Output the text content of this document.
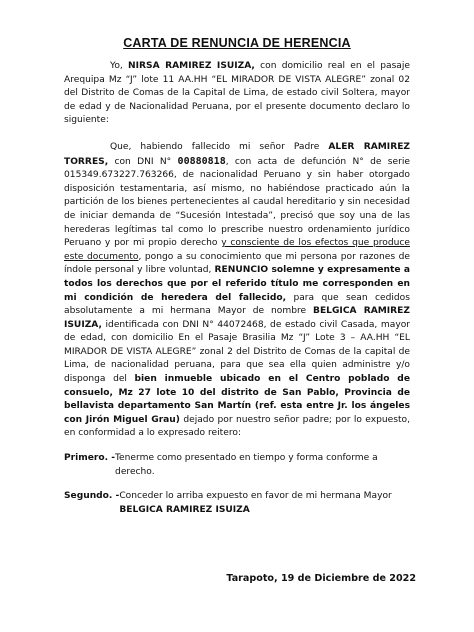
CARTA DE RENUNCIA DE HERENCIA

Yo, NIRSA RAMIREZ ISUIZA, con domicilio real en el pasaje Arequipa Mz “J” lote 11 AA.HH “EL MIRADOR DE VISTA ALEGRE” zonal 02 del Distrito de Comas de la Capital de Lima, de estado civil Soltera, mayor de edad y de Nacionalidad Peruana, por el presente documento declaro lo siguiente:

Que, habiendo fallecido mi señor Padre ALER RAMIREZ TORRES, con DNI N° 00880818, con acta de defunción N° de serie 015349.673227.763266, de nacionalidad Peruano y sin haber otorgado disposición testamentaria, así mismo, no habiéndose practicado aún la partición de los bienes pertenecientes al caudal hereditario y sin necesidad de iniciar demanda de “Sucesión Intestada”, precisó que soy una de las herederas legítimas tal como lo prescribe nuestro ordenamiento jurídico Peruano y por mi propio derecho y consciente de los efectos que produce este documento, pongo a su conocimiento que mi persona por razones de índole personal y libre voluntad, RENUNCIO solemne y expresamente a todos los derechos que por el referido título me corresponden en mi condición de heredera del fallecido, para que sean cedidos absolutamente a mi hermana Mayor de nombre BELGICA RAMIREZ ISUIZA, identificada con DNI N° 44072468, de estado civil Casada, mayor de edad, con domicilio En el Pasaje Brasilia Mz “J” Lote 3 – AA.HH “EL MIRADOR DE VISTA ALEGRE” zonal 2 del Distrito de Comas de la capital de Lima, de nacionalidad peruana, para que sea ella quien administre y/o disponga del bien inmueble ubicado en el Centro poblado de consuelo, Mz 27 lote 10 del distrito de San Pablo, Provincia de bellavista departamento San Martín (ref. esta entre Jr. los ángeles con Jirón Miguel Grau) dejado por nuestro señor padre; por lo expuesto, en conformidad a lo expresado reitero:

Primero. - Tenerme como presentado en tiempo y forma conforme a derecho.
Segundo. - Conceder lo arriba expuesto en favor de mi hermana Mayor
BELGICA RAMIREZ ISUIZA
Tarapoto, 19 de Diciembre de 2022
